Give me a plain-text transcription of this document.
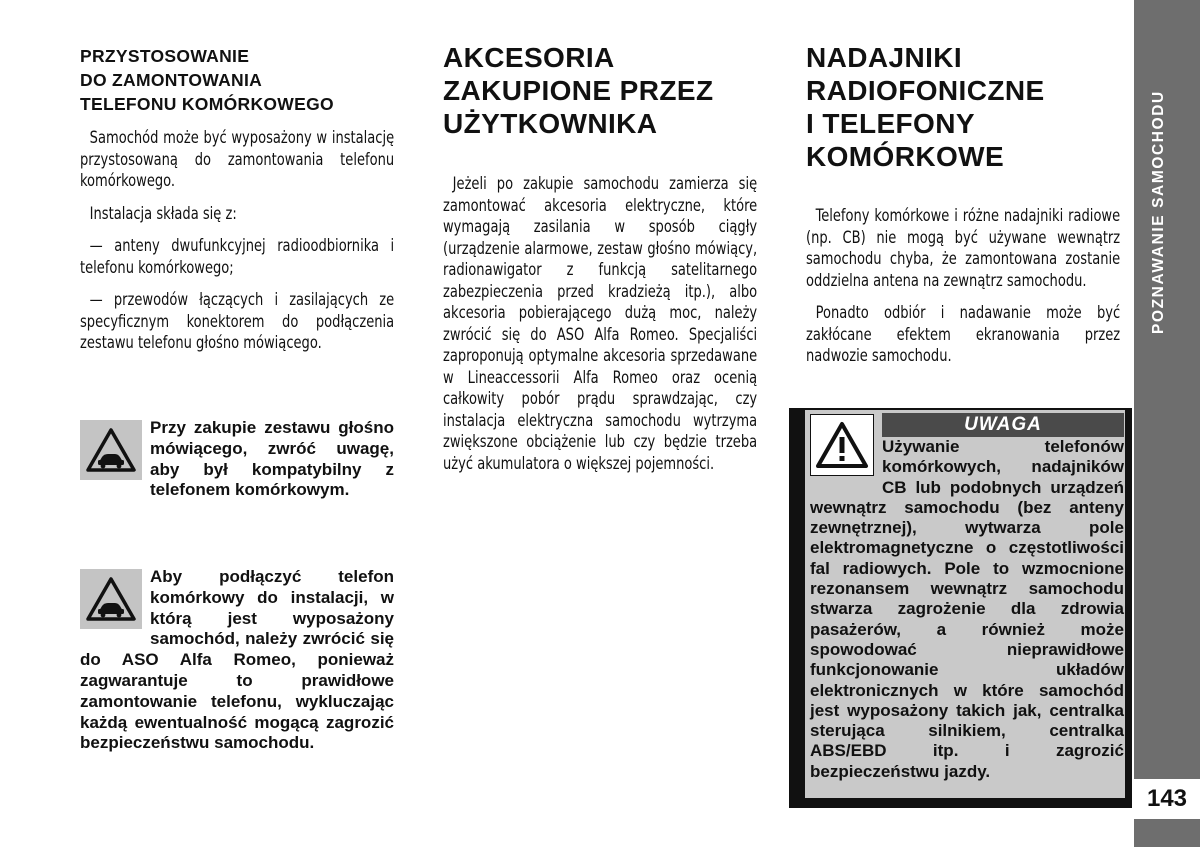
PRZYSTOSOWANIE
DO ZAMONTOWANIA
TELEFONU KOMÓRKOWEGO

Samochód może być wyposażony w instalację przystosowaną do zamontowania telefonu komórkowego.

Instalacja składa się z:

— anteny dwufunkcyjnej radioodbiornika i telefonu komórkowego;

— przewodów łączących i zasilających ze specyficznym konektorem do podłączenia zestawu telefonu głośno mówiącego.

Przy zakupie zestawu głośno mówiącego, zwróć uwagę, aby był kompatybilny z telefonem komórkowym.

Aby podłączyć telefon komórkowy do instalacji, w którą jest wyposażony samochód, należy zwrócić się do ASO Alfa Romeo, ponieważ zagwarantuje to prawidłowe zamontowanie telefonu, wykluczając każdą ewentualność mogącą zagrozić bezpieczeństwu samochodu.

AKCESORIA
ZAKUPIONE PRZEZ
UŻYTKOWNIKA

Jeżeli po zakupie samochodu zamierza się zamontować akcesoria elektryczne, które wymagają zasilania w sposób ciągły (urządzenie alarmowe, zestaw głośno mówiący, radionawigator z funkcją satelitarnego zabezpieczenia przed kradzieżą itp.), albo akcesoria pobierającego dużą moc, należy zwrócić się do ASO Alfa Romeo. Specjaliści zaproponują optymalne akcesoria sprzedawane w Lineaccessorii Alfa Romeo oraz ocenią całkowity pobór prądu sprawdzając, czy instalacja elektryczna samochodu wytrzyma zwiększone obciążenie lub czy będzie trzeba użyć akumulatora o większej pojemności.

NADAJNIKI
RADIOFONICZNE
I TELEFONY
KOMÓRKOWE

Telefony komórkowe i różne nadajniki radiowe (np. CB) nie mogą być używane wewnątrz samochodu chyba, że zamontowana zostanie oddzielna antena na zewnątrz samochodu.

Ponadto odbiór i nadawanie może być zakłócane efektem ekranowania przez nadwozie samochodu.

UWAGA

Używanie telefonów komórkowych, nadajników CB lub podobnych urządzeń wewnątrz samochodu (bez anteny zewnętrznej), wytwarza pole elektromagnetyczne o częstotliwości fal radiowych. Pole to wzmocnione rezonansem wewnątrz samochodu stwarza zagrożenie dla zdrowia pasażerów, a również może spowodować nieprawidłowe funkcjonowanie układów elektronicznych w które samochód jest wyposażony takich jak, centralka sterująca silnikiem, centralka ABS/EBD itp. i zagrozić bezpieczeństwu jazdy.

POZNAWANIE SAMOCHODU
143
